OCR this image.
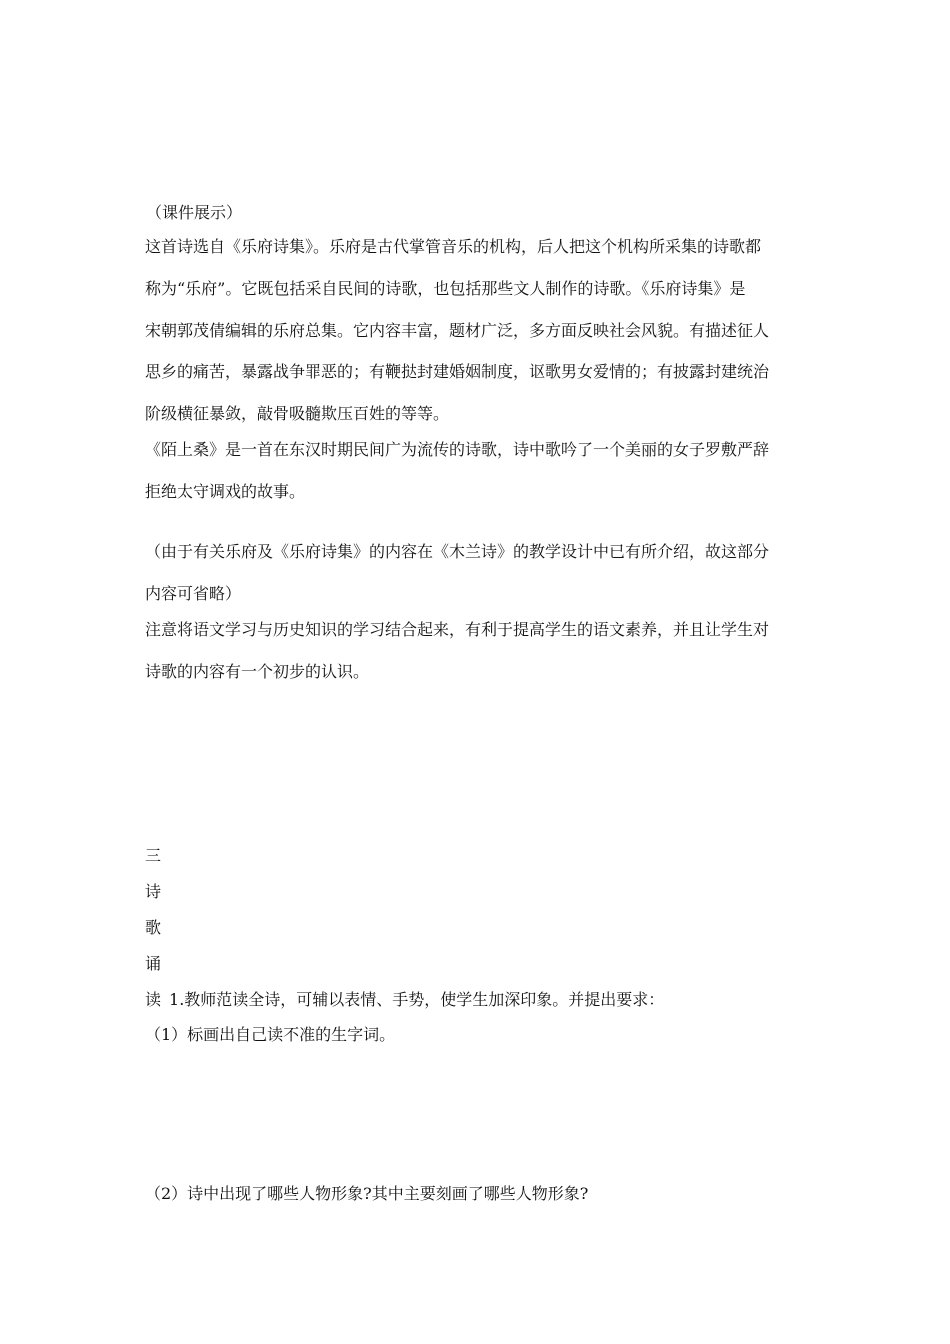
（课件展示）
这首诗选自《乐府诗集》。乐府是古代掌管音乐的机构，后人把这个机构所采集的诗歌都
称为“乐府”。它既包括采自民间的诗歌，也包括那些文人制作的诗歌。《乐府诗集》是
宋朝郭茂倩编辑的乐府总集。它内容丰富，题材广泛，多方面反映社会风貌。有描述征人
思乡的痛苦，暴露战争罪恶的；有鞭挞封建婚姻制度，讴歌男女爱情的；有披露封建统治
阶级横征暴敛，敲骨吸髓欺压百姓的等等。
《陌上桑》是一首在东汉时期民间广为流传的诗歌，诗中歌吟了一个美丽的女子罗敷严辞
拒绝太守调戏的故事。
（由于有关乐府及《乐府诗集》的内容在《木兰诗》的教学设计中已有所介绍，故这部分
内容可省略）
注意将语文学习与历史知识的学习结合起来，有利于提高学生的语文素养，并且让学生对
诗歌的内容有一个初步的认识。
三
诗
歌
诵
读 1.教师范读全诗，可辅以表情、手势，使学生加深印象。并提出要求：
（1）标画出自己读不准的生字词。
（2）诗中出现了哪些人物形象?其中主要刻画了哪些人物形象?
